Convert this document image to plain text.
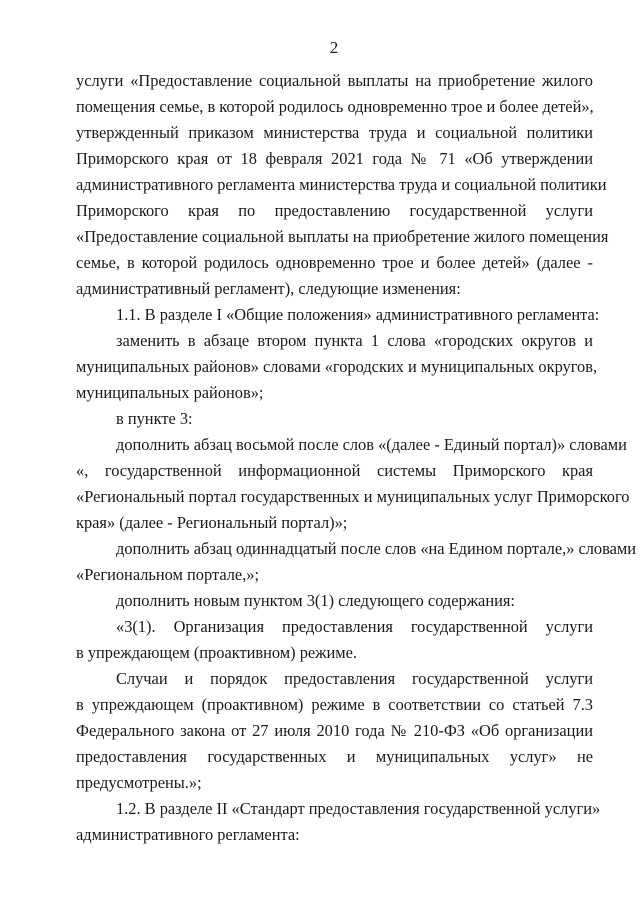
2
услуги «Предоставление социальной выплаты на приобретение жилого
помещения семье, в которой родилось одновременно трое и более детей»,
утвержденный приказом министерства труда и социальной политики
Приморского края от 18 февраля 2021 года № 71 «Об утверждении
административного регламента министерства труда и социальной политики
Приморского края по предоставлению государственной услуги
«Предоставление социальной выплаты на приобретение жилого помещения
семье, в которой родилось одновременно трое и более детей» (далее -
административный регламент), следующие изменения:
1.1. В разделе I «Общие положения» административного регламента:
заменить в абзаце втором пункта 1 слова «городских округов и
муниципальных районов» словами «городских и муниципальных округов,
муниципальных районов»;
в пункте 3:
дополнить абзац восьмой после слов «(далее - Единый портал)» словами
«, государственной информационной системы Приморского края
«Региональный портал государственных и муниципальных услуг Приморского
края» (далее - Региональный портал)»;
дополнить абзац одиннадцатый после слов «на Едином портале,» словами
«Региональном портале,»;
дополнить новым пунктом 3(1) следующего содержания:
«3(1). Организация предоставления государственной услуги
в упреждающем (проактивном) режиме.
Случаи и порядок предоставления государственной услуги
в упреждающем (проактивном) режиме в соответствии со статьей 7.3
Федерального закона от 27 июля 2010 года № 210-ФЗ «Об организации
предоставления государственных и муниципальных услуг» не
предусмотрены.»;
1.2. В разделе II «Стандарт предоставления государственной услуги»
административного регламента:
